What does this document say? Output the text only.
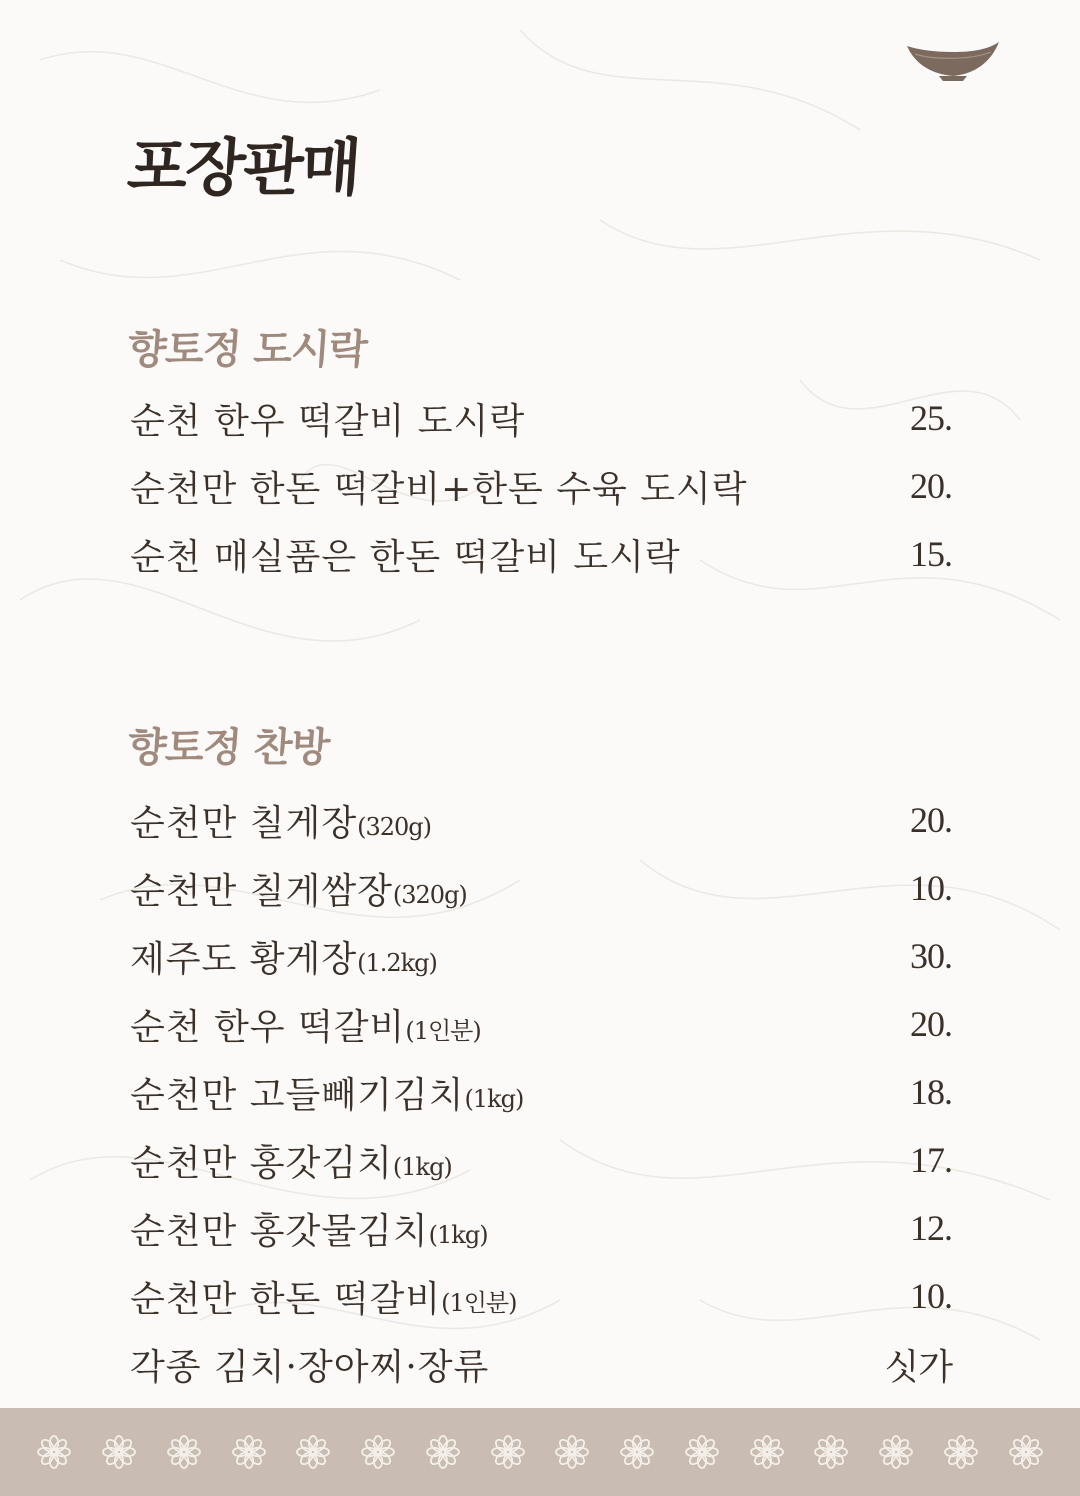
포장판매
향토정 도시락
순천 한우 떡갈비 도시락	25.
순천만 한돈 떡갈비+한돈 수육 도시락	20.
순천 매실품은 한돈 떡갈비 도시락	15.
향토정 찬방
순천만 칠게장(320g)	20.
순천만 칠게쌈장(320g)	10.
제주도 황게장(1.2kg)	30.
순천 한우 떡갈비(1인분)	20.
순천만 고들빼기김치(1kg)	18.
순천만 홍갓김치(1kg)	17.
순천만 홍갓물김치(1kg)	12.
순천만 한돈 떡갈비(1인분)	10.
각종 김치·장아찌·장류	싯가
